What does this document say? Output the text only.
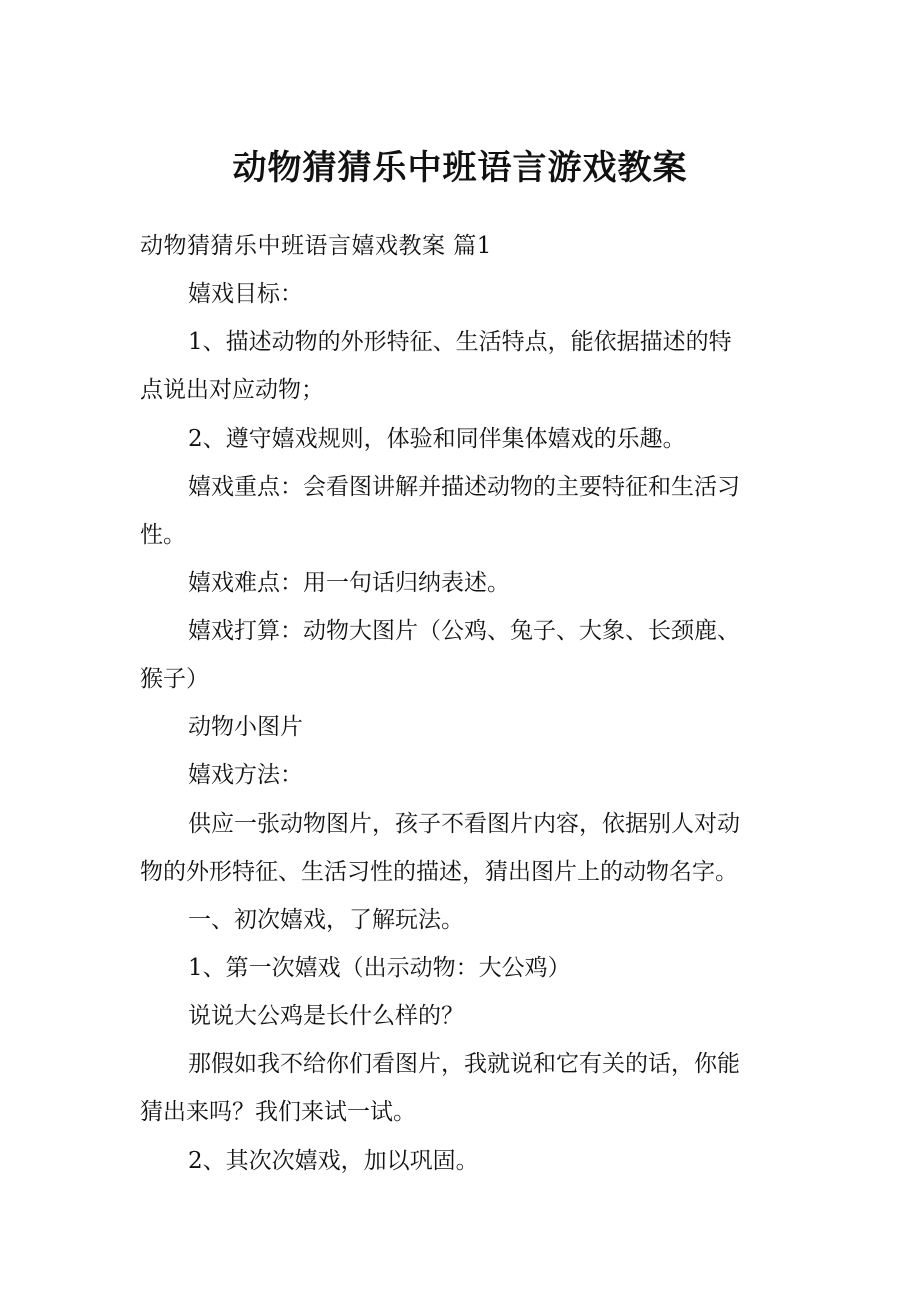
动物猜猜乐中班语言游戏教案
动物猜猜乐中班语言嬉戏教案 篇1
嬉戏目标：
1、描述动物的外形特征、生活特点，能依据描述的特
点说出对应动物；
2、遵守嬉戏规则，体验和同伴集体嬉戏的乐趣。
嬉戏重点：会看图讲解并描述动物的主要特征和生活习
性。
嬉戏难点：用一句话归纳表述。
嬉戏打算：动物大图片（公鸡、兔子、大象、长颈鹿、
猴子）
动物小图片
嬉戏方法：
供应一张动物图片，孩子不看图片内容，依据别人对动
物的外形特征、生活习性的描述，猜出图片上的动物名字。
一、初次嬉戏，了解玩法。
1、第一次嬉戏（出示动物：大公鸡）
说说大公鸡是长什么样的？
那假如我不给你们看图片，我就说和它有关的话，你能
猜出来吗？我们来试一试。
2、其次次嬉戏，加以巩固。
